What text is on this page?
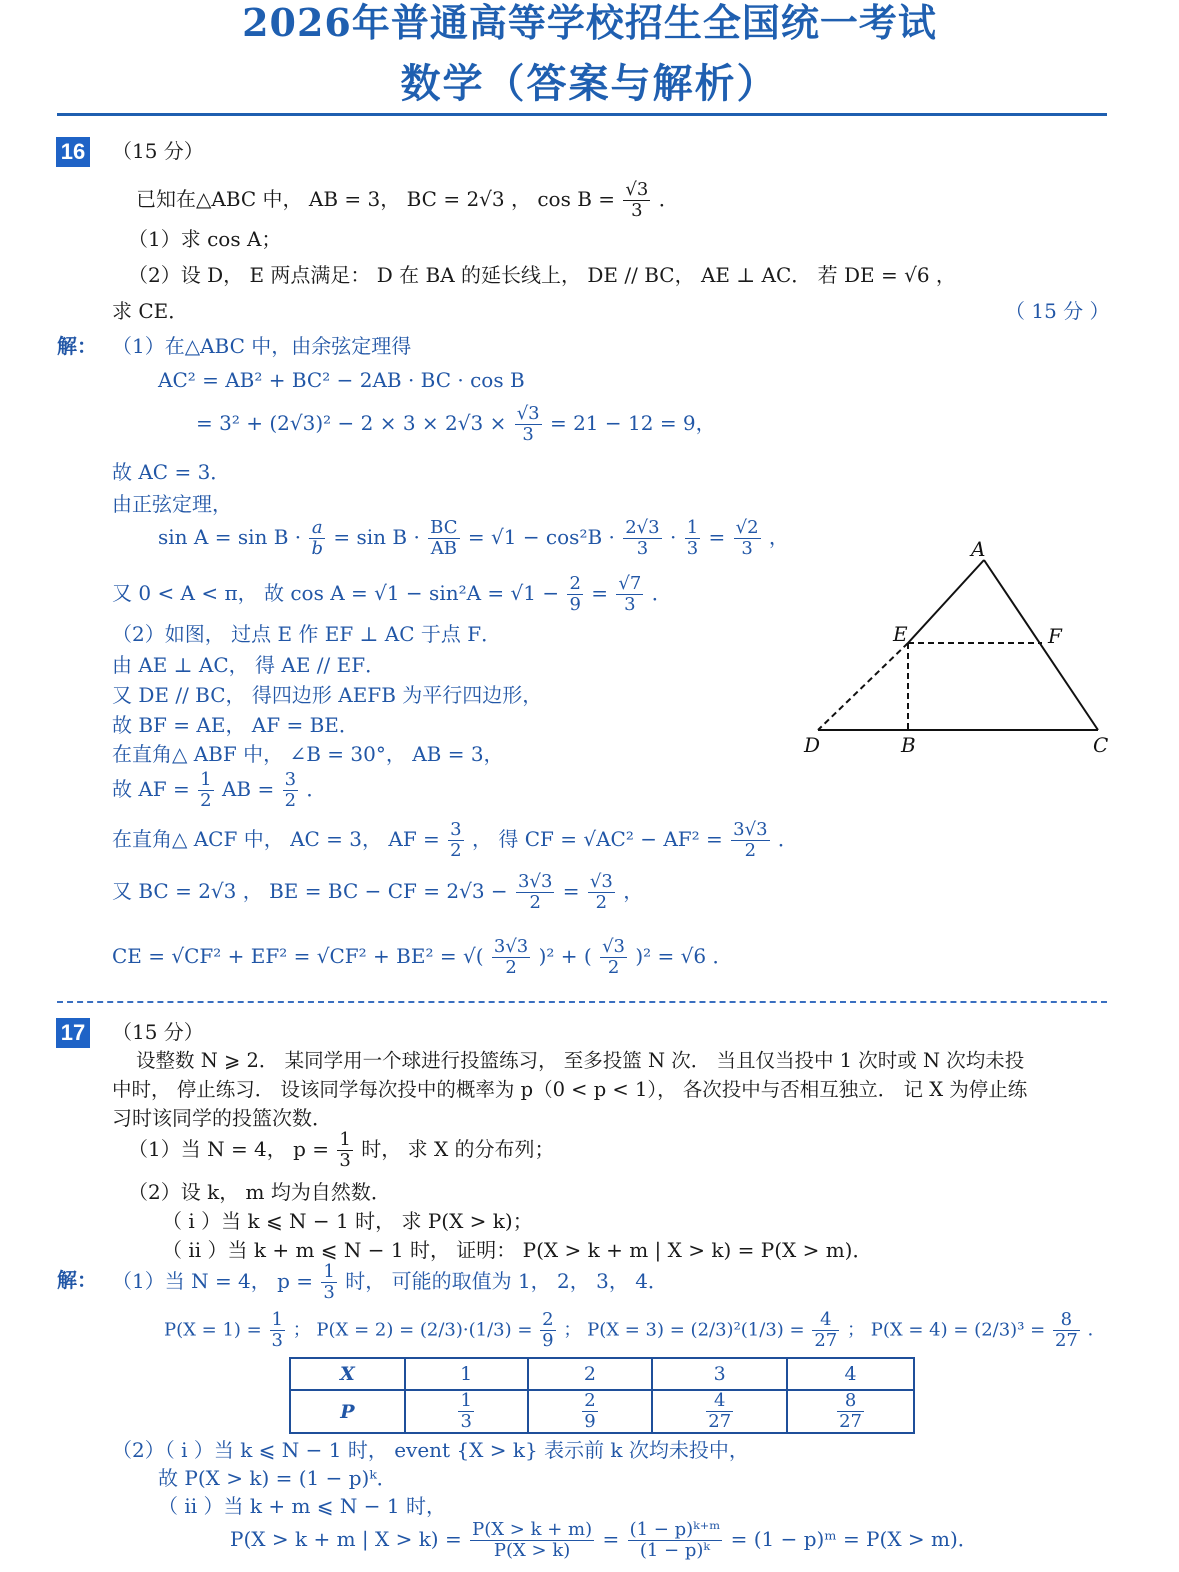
2026年普通高等学校招生全国统一考试
数学（答案与解析）
16 （15 分）
已知在△ABC 中， AB = 3， BC = 2√3 ， $\cos B = \frac{√3}{3}$ ．
（1）求 cos A；
（2）设 D， E 两点满足： D 在 BA 的延长线上， DE // BC， AE ⊥ AC． 若 DE = √6 ，
求 CE．	（ 15 分 ）
解： （1）在△ABC 中，由余弦定理得
AC² = AB² + BC² − 2AB · BC · cos B
= $3^2 + (2√3)^2 - 2 \times 3 \times 2√3 \times \frac{√3}{3} = 21 - 12 = 9$，
故 AC = 3．
由正弦定理，
$\sin A = \sin B \cdot \frac{a}{b} = \sin B \cdot \frac{BC}{AB} = √1 - \cos^2B \cdot \frac{2√3}{3} \cdot \frac{1}{3} = \frac{√2}{3}$ ，
又 0 < A < π， 故 $\cos A = √1 - \sin^2A = √1 - \frac{2}{9} = \frac{√7}{3}$ ．
（2）如图， 过点 E 作 EF ⊥ AC 于点 F．
由 AE ⊥ AC， 得 AE // EF．
又 DE // BC， 得四边形 AEFB 为平行四边形，
故 BF = AE， AF = BE．
在直角△ ABF 中， ∠B = 30°， AB = 3，
故 AF = $\frac{1}{2}$ AB = $\frac{3}{2}$ ．
在直角△ ACF 中， AC = 3， AF = $\frac{3}{2}$ ， 得 CF = $√AC^2 - AF^2 = \frac{3√3}{2}$ ．
又 BC = 2√3 ， BE = BC − CF = $2√3 - \frac{3√3}{2} = \frac{√3}{2}$ ，
CE = √CF² + EF² = √CF² + BE² = √( $\frac{3√3}{2} )^2$ + ( $\frac{√3}{2} )^2 = √6$ ．
A
E	F
D	B	C
17 （15 分）
设整数 N ⩾ 2． 某同学用一个球进行投篮练习， 至多投篮 N 次． 当且仅当投中 1 次时或 N 次均未投
中时， 停止练习． 设该同学每次投中的概率为 p（0 < p < 1）， 各次投中与否相互独立． 记 X 为停止练
习时该同学的投篮次数．
（1）当 N = 4， $p = \frac{1}{3}$ 时， 求 X 的分布列；
（2）设 k， m 均为自然数．
（ i ）当 k ⩽ N − 1 时， 求 P(X > k)；
（ ii ）当 k + m ⩽ N − 1 时， 证明： P(X > k + m | X > k) = P(X > m)．
解： （1）当 N = 4， $p = \frac{1}{3}$ 时， 可能的取值为 1， 2， 3， 4．
$P(X = 1) = \frac{1}{3}$ ； $P(X = 2) = (2/3)\cdot(1/3) = \frac{2}{9}$ ； $P(X = 3) = (2/3)^2(1/3) = \frac{4}{27}$ ； $P(X = 4) = (2/3)^3 = \frac{8}{27}$ ．
X	1	2	3	4
P	$\frac{1}{3}$	$\frac{2}{9}$	$\frac{4}{27}$	$\frac{8}{27}$
（2）（ i ）当 k ⩽ N − 1 时， event {X > k} 表示前 k 次均未投中，
故 P(X > k) = (1 − p)ᵏ．
（ ii ）当 k + m ⩽ N − 1 时，
P(X > k + m | $X > k) = \frac{P(X > k + m)}{P(X > k)} = \frac{\text{(1 − p)ᵏ⁺ᵐ}}{\text{(1 − p)ᵏ}} = (1$ − p)ᵐ = P(X > m)．
